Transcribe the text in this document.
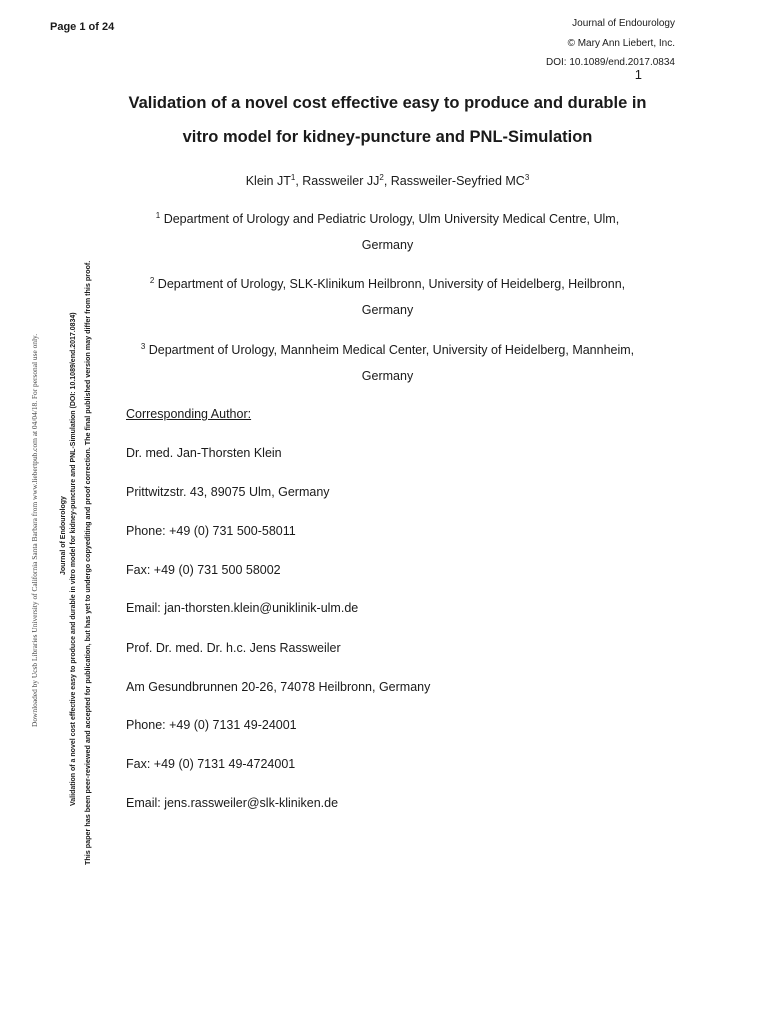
Page 1 of 24	Journal of Endourology
© Mary Ann Liebert, Inc.
DOI: 10.1089/end.2017.0834
1
Validation of a novel cost effective easy to produce and durable in
vitro model for kidney-puncture and PNL-Simulation
Klein $JT^1$, Rassweiler $JJ^2$, Rassweiler-Seyfried $MC^3$
$^1$ Department of Urology and Pediatric Urology, Ulm University Medical Centre, Ulm,
Germany
$^2$ Department of Urology, SLK-Klinikum Heilbronn, University of Heidelberg, Heilbronn,
Germany
$^3$ Department of Urology, Mannheim Medical Center, University of Heidelberg, Mannheim,
Germany
Corresponding Author:
Dr. med. Jan-Thorsten Klein
Prittwitzstr. 43, 89075 Ulm, Germany
Phone: +49 (0) 731 500-58011
Fax: +49 (0) 731 500 58002
Email: jan-thorsten.klein@uniklinik-ulm.de
Prof. Dr. med. Dr. h.c. Jens Rassweiler
Am Gesundbrunnen 20-26, 74078 Heilbronn, Germany
Phone: +49 (0) 7131 49-24001
Fax: +49 (0) 7131 49-4724001
Email: jens.rassweiler@slk-kliniken.de
Downloaded by Ucsb Libraries University of California Santa Barbara from www.liebertpub.com at 04/04/18. For personal use only.	Journal of Endourology Validation of a novel cost effective easy to produce and durable in vitro model for kidney-puncture and PNL-Simulation (DOI: 10.1089/end.2017.0834) This paper has been peer-reviewed and accepted for publication, but has yet to undergo copyediting and proof correction. The final published version may differ from this proof.
